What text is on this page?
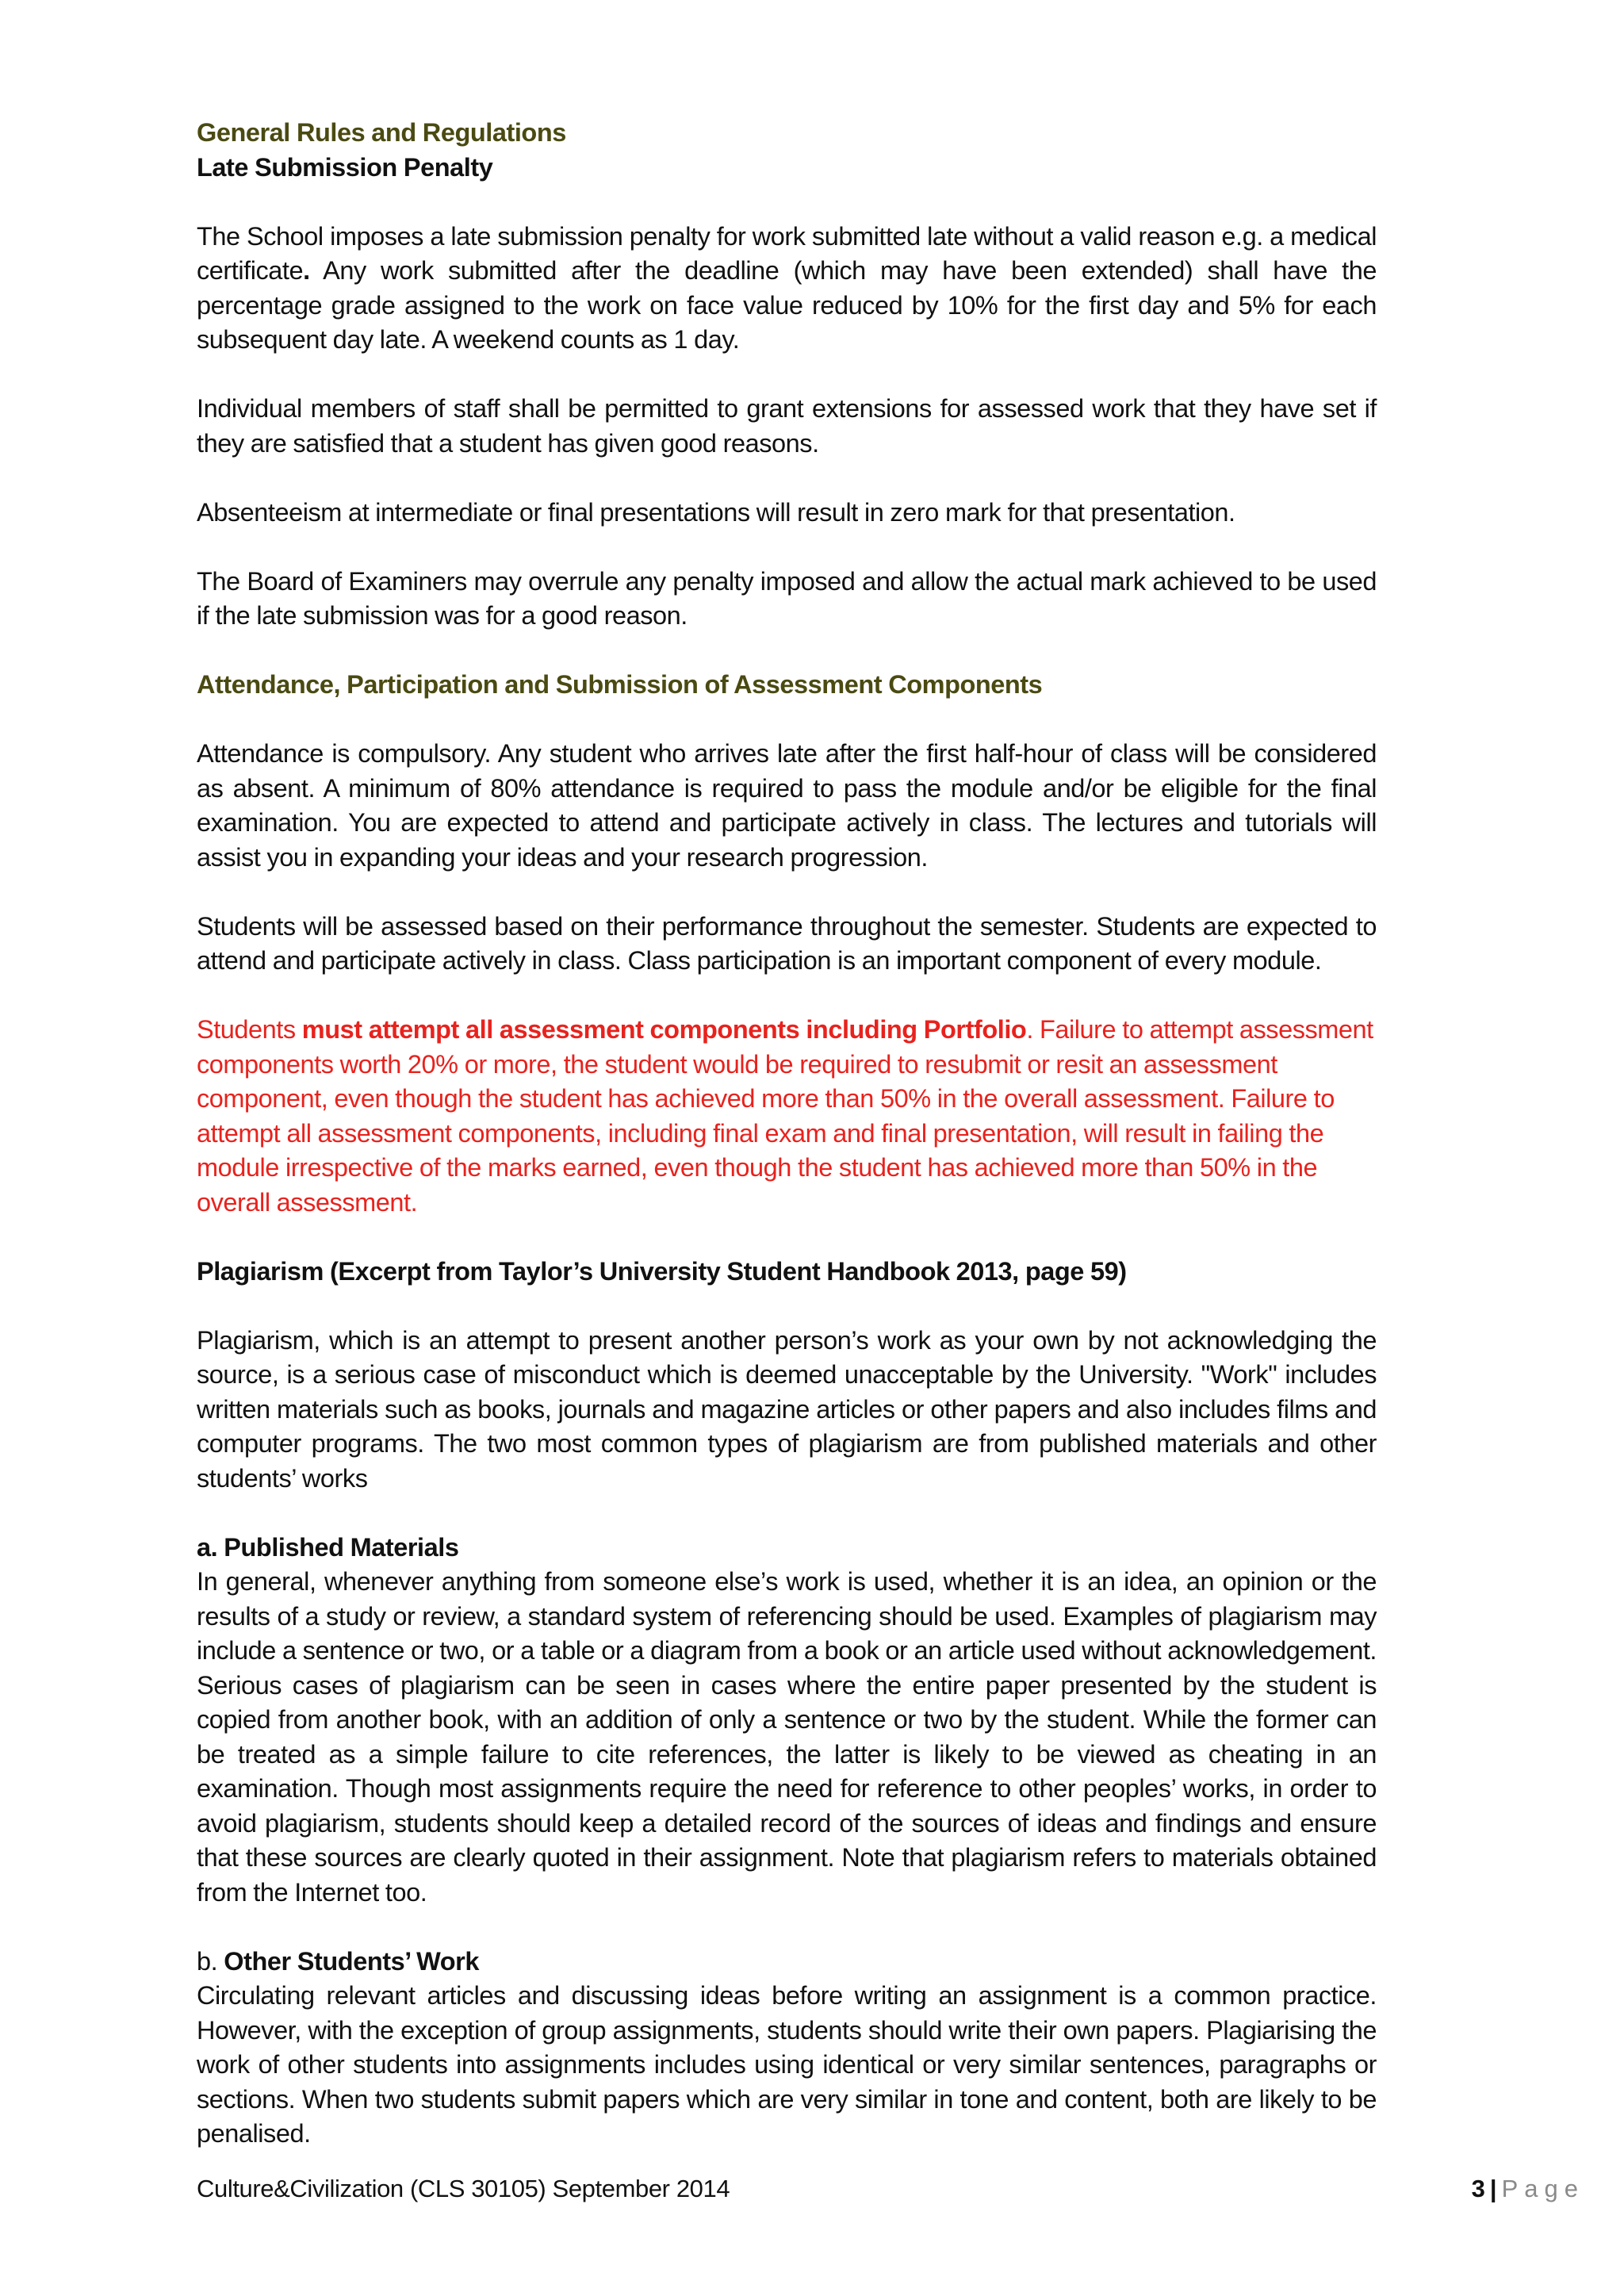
General Rules and Regulations

Late Submission Penalty

The School imposes a late submission penalty for work submitted late without a valid reason e.g. a medical certificate. Any work submitted after the deadline (which may have been extended) shall have the percentage grade assigned to the work on face value reduced by 10% for the first day and 5% for each subsequent day late. A weekend counts as 1 day.

Individual members of staff shall be permitted to grant extensions for assessed work that they have set if they are satisfied that a student has given good reasons.

Absenteeism at intermediate or final presentations will result in zero mark for that presentation.

The Board of Examiners may overrule any penalty imposed and allow the actual mark achieved to be used if the late submission was for a good reason.

Attendance, Participation and Submission of Assessment Components

Attendance is compulsory. Any student who arrives late after the first half-hour of class will be considered as absent. A minimum of 80% attendance is required to pass the module and/or be eligible for the final examination. You are expected to attend and participate actively in class. The lectures and tutorials will assist you in expanding your ideas and your research progression.

Students will be assessed based on their performance throughout the semester. Students are expected to attend and participate actively in class. Class participation is an important component of every module.

Students must attempt all assessment components including Portfolio. Failure to attempt assessment components worth 20% or more, the student would be required to resubmit or resit an assessment component, even though the student has achieved more than 50% in the overall assessment. Failure to attempt all assessment components, including final exam and final presentation, will result in failing the module irrespective of the marks earned, even though the student has achieved more than 50% in the overall assessment.

Plagiarism (Excerpt from Taylor’s University Student Handbook 2013, page 59)

Plagiarism, which is an attempt to present another person’s work as your own by not acknowledging the source, is a serious case of misconduct which is deemed unacceptable by the University. "Work" includes written materials such as books, journals and magazine articles or other papers and also includes films and computer programs. The two most common types of plagiarism are from published materials and other students’ works

a. Published Materials

In general, whenever anything from someone else’s work is used, whether it is an idea, an opinion or the results of a study or review, a standard system of referencing should be used. Examples of plagiarism may include a sentence or two, or a table or a diagram from a book or an article used without acknowledgement. Serious cases of plagiarism can be seen in cases where the entire paper presented by the student is copied from another book, with an addition of only a sentence or two by the student. While the former can be treated as a simple failure to cite references, the latter is likely to be viewed as cheating in an examination. Though most assignments require the need for reference to other peoples’ works, in order to avoid plagiarism, students should keep a detailed record of the sources of ideas and findings and ensure that these sources are clearly quoted in their assignment. Note that plagiarism refers to materials obtained from the Internet too.

b. Other Students’ Work

Circulating relevant articles and discussing ideas before writing an assignment is a common practice. However, with the exception of group assignments, students should write their own papers. Plagiarising the work of other students into assignments includes using identical or very similar sentences, paragraphs or sections. When two students submit papers which are very similar in tone and content, both are likely to be penalised.

Culture&Civilization (CLS 30105) September 2014	3 | Page
